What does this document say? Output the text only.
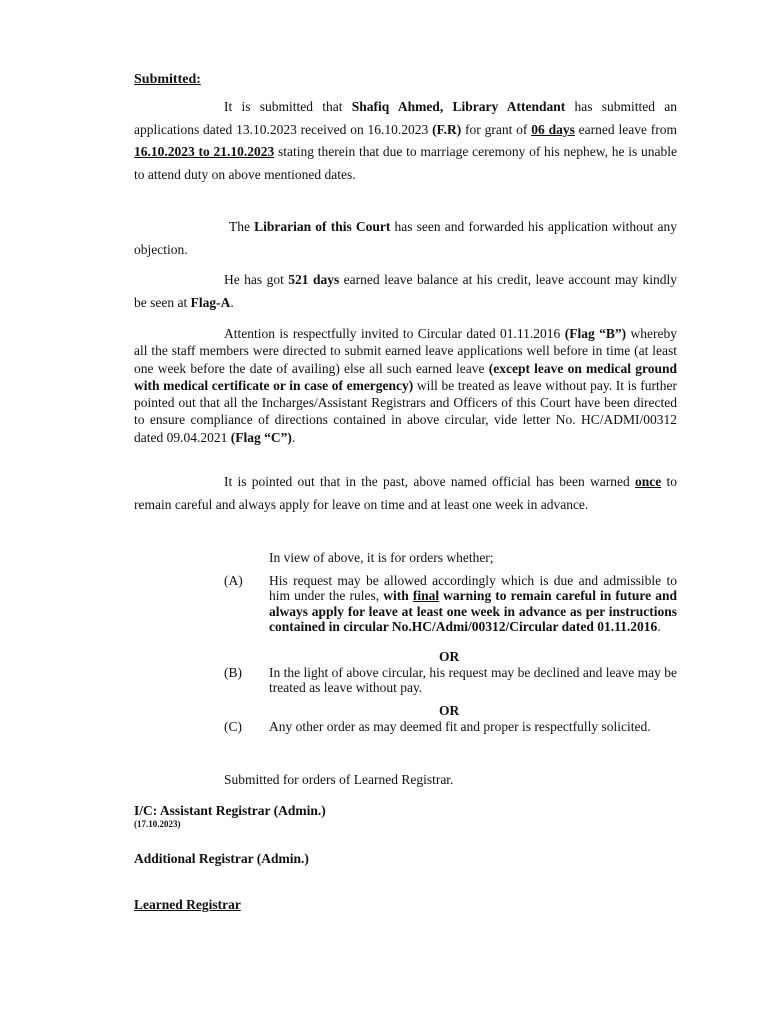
Submitted:

It is submitted that Shafiq Ahmed, Library Attendant has submitted an applications dated 13.10.2023 received on 16.10.2023 (F.R) for grant of 06 days earned leave from 16.10.2023 to 21.10.2023 stating therein that due to marriage ceremony of his nephew, he is unable to attend duty on above mentioned dates.

The Librarian of this Court has seen and forwarded his application without any objection.

He has got 521 days earned leave balance at his credit, leave account may kindly be seen at Flag-A.

Attention is respectfully invited to Circular dated 01.11.2016 (Flag “B”) whereby all the staff members were directed to submit earned leave applications well before in time (at least one week before the date of availing) else all such earned leave (except leave on medical ground with medical certificate or in case of emergency) will be treated as leave without pay. It is further pointed out that all the Incharges/Assistant Registrars and Officers of this Court have been directed to ensure compliance of directions contained in above circular, vide letter No. HC/ADMI/00312 dated 09.04.2021 (Flag “C”).

It is pointed out that in the past, above named official has been warned once to remain careful and always apply for leave on time and at least one week in advance.

In view of above, it is for orders whether;
(A) His request may be allowed accordingly which is due and admissible to him under the rules, with final warning to remain careful in future and always apply for leave at least one week in advance as per instructions contained in circular No.HC/Admi/00312/Circular dated 01.11.2016.

OR
(B) In the light of above circular, his request may be declined and leave may be treated as leave without pay.

OR
(C) Any other order as may deemed fit and proper is respectfully solicited.

Submitted for orders of Learned Registrar.
I/C: Assistant Registrar (Admin.)
(17.10.2023)
Additional Registrar (Admin.)
Learned Registrar
